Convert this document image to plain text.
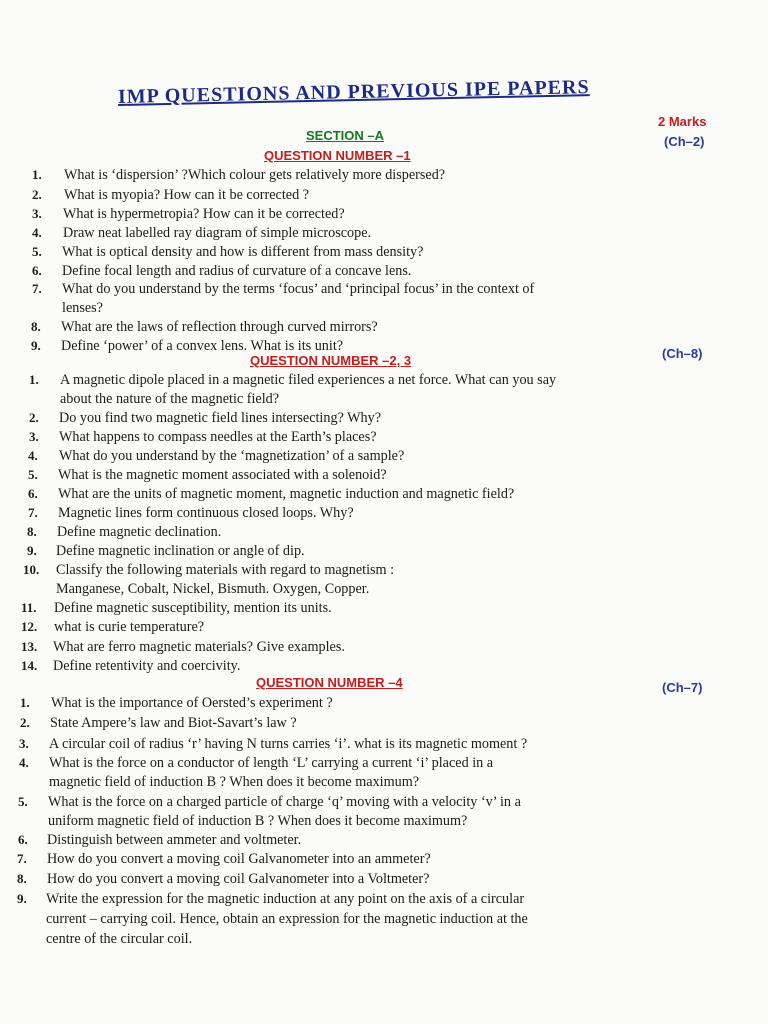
IMP QUESTIONS AND PREVIOUS IPE PAPERS
2 Marks
SECTION –A
QUESTION NUMBER –1
(Ch–2)
1. What is ‘dispersion’ ?Which colour gets relatively more dispersed?
2. What is myopia? How can it be corrected ?
3. What is hypermetropia? How can it be corrected?
4. Draw neat labelled ray diagram of simple microscope.
5. What is optical density and how is different from mass density?
6. Define focal length and radius of curvature of a concave lens.
7. What do you understand by the terms ‘focus’ and ‘principal focus’ in the context of
lenses?
8. What are the laws of reflection through curved mirrors?
9. Define ‘power’ of a convex lens. What is its unit?
QUESTION NUMBER –2, 3	(Ch–8)
1. A magnetic dipole placed in a magnetic filed experiences a net force. What can you say
about the nature of the magnetic field?
2. Do you find two magnetic field lines intersecting? Why?
3. What happens to compass needles at the Earth’s places?
4. What do you understand by the ‘magnetization’ of a sample?
5. What is the magnetic moment associated with a solenoid?
6. What are the units of magnetic moment, magnetic induction and magnetic field?
7. Magnetic lines form continuous closed loops. Why?
8. Define magnetic declination.
9. Define magnetic inclination or angle of dip.
10. Classify the following materials with regard to magnetism :
Manganese, Cobalt, Nickel, Bismuth. Oxygen, Copper.
11. Define magnetic susceptibility, mention its units.
12. what is curie temperature?
13. What are ferro magnetic materials? Give examples.
14. Define retentivity and coercivity.
QUESTION NUMBER –4	(Ch–7)
1. What is the importance of Oersted’s experiment ?
2. State Ampere’s law and Biot-Savart’s law ?
3. A circular coil of radius ‘r’ having N turns carries ‘i’. what is its magnetic moment ?
4. What is the force on a conductor of length ‘L’ carrying a current ‘i’ placed in a
magnetic field of induction B ? When does it become maximum?
5. What is the force on a charged particle of charge ‘q’ moving with a velocity ‘v’ in a
uniform magnetic field of induction B ? When does it become maximum?
6. Distinguish between ammeter and voltmeter.
7. How do you convert a moving coil Galvanometer into an ammeter?
8. How do you convert a moving coil Galvanometer into a Voltmeter?
9. Write the expression for the magnetic induction at any point on the axis of a circular
current – carrying coil. Hence, obtain an expression for the magnetic induction at the
centre of the circular coil.
